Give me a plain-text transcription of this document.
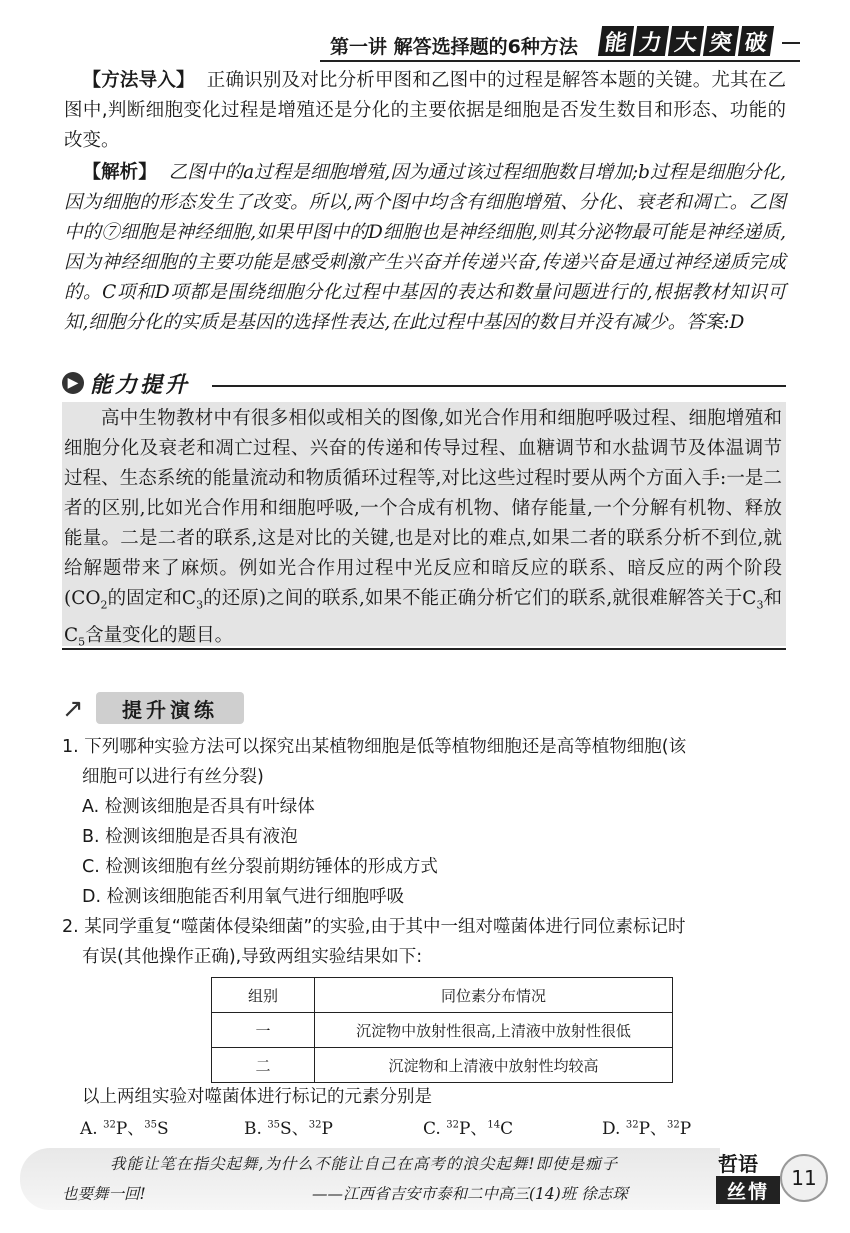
第一讲 解答选择题的6种方法 能 力 大 突 破

【方法导入】 正确识别及对比分析甲图和乙图中的过程是解答本题的关键。尤其在乙图中,判断细胞变化过程是增殖还是分化的主要依据是细胞是否发生数目和形态、功能的改变。

【解析】 乙图中的a过程是细胞增殖,因为通过该过程细胞数目增加;b过程是细胞分化,因为细胞的形态发生了改变。所以,两个图中均含有细胞增殖、分化、衰老和凋亡。乙图中的⑦细胞是神经细胞,如果甲图中的D细胞也是神经细胞,则其分泌物最可能是神经递质,因为神经细胞的主要功能是感受刺激产生兴奋并传递兴奋,传递兴奋是通过神经递质完成的。C项和D项都是围绕细胞分化过程中基因的表达和数量问题进行的,根据教材知识可知,细胞分化的实质是基因的选择性表达,在此过程中基因的数目并没有减少。答案:D

▶ 能力提升

高中生物教材中有很多相似或相关的图像,如光合作用和细胞呼吸过程、细胞增殖和细胞分化及衰老和凋亡过程、兴奋的传递和传导过程、血糖调节和水盐调节及体温调节过程、生态系统的能量流动和物质循环过程等,对比这些过程时要从两个方面入手:一是二者的区别,比如光合作用和细胞呼吸,一个合成有机物、储存能量,一个分解有机物、释放能量。二是二者的联系,这是对比的关键,也是对比的难点,如果二者的联系分析不到位,就给解题带来了麻烦。例如光合作用过程中光反应和暗反应的联系、暗反应的两个阶段($CO_2$的固定和$C_3$的还原)之间的联系,如果不能正确分析它们的联系,就很难解答关于$C_3$和$C_5$含量变化的题目。

↗	提升演练

1. 下列哪种实验方法可以探究出某植物细胞是低等植物细胞还是高等植物细胞(该

细胞可以进行有丝分裂)

A. 检测该细胞是否具有叶绿体

B. 检测该细胞是否具有液泡

C. 检测该细胞有丝分裂前期纺锤体的形成方式

D. 检测该细胞能否利用氧气进行细胞呼吸

2. 某同学重复“噬菌体侵染细菌”的实验,由于其中一组对噬菌体进行同位素标记时

有误(其他操作正确),导致两组实验结果如下:

组别	同位素分布情况
一	沉淀物中放射性很高,上清液中放射性很低
二	沉淀物和上清液中放射性均较高

以上两组实验对噬菌体进行标记的元素分别是

A. $^{32}$P、$^{35}$S	B. $^{35}$S、$^{32}$P	C. $^{32}$P、$^{14}$C	D. $^{32}$P、$^{32}$P
我能让笔在指尖起舞,为什么不能让自己在高考的浪尖起舞!即使是痂子
也要舞一回!	——江西省吉安市泰和二中高三(14)班 徐志琛
哲语
丝情
11
